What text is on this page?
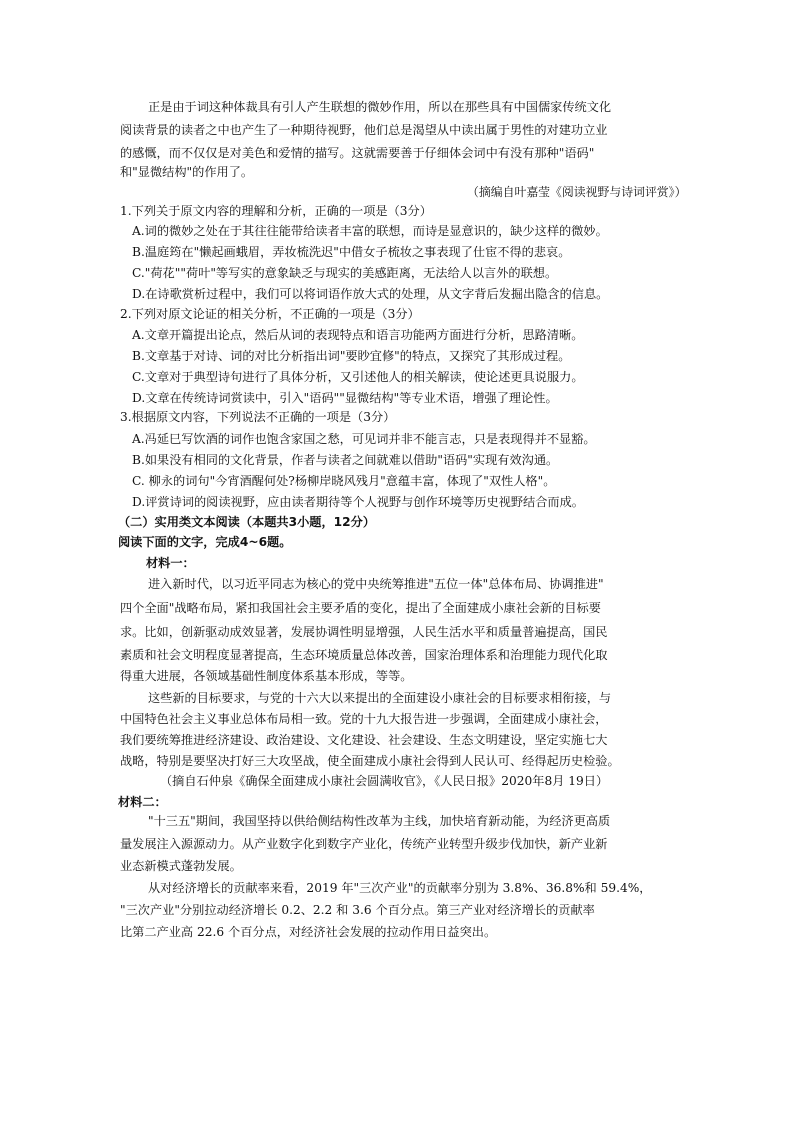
正是由于词这种体裁具有引人产生联想的微妙作用，所以在那些具有中国儒家传统文化
阅读背景的读者之中也产生了一种期待视野，他们总是渴望从中读出属于男性的对建功立业
的感慨，而不仅仅是对美色和爱情的描写。这就需要善于仔细体会词中有没有那种"语码"
和"显微结构"的作用了。
（摘编自叶嘉莹《阅读视野与诗词评赏》）
1.下列关于原文内容的理解和分析，正确的一项是（3分）
A.词的微妙之处在于其往往能带给读者丰富的联想，而诗是显意识的，缺少这样的微妙。
B.温庭筠在"懒起画蛾眉，弄妆梳洗迟"中借女子梳妆之事表现了仕宦不得的悲哀。
C."荷花""荷叶"等写实的意象缺乏与现实的美感距离，无法给人以言外的联想。
D.在诗歌赏析过程中，我们可以将词语作放大式的处理，从文字背后发掘出隐含的信息。
2.下列对原文论证的相关分析，不正确的一项是（3分）
A.文章开篇提出论点，然后从词的表现特点和语言功能两方面进行分析，思路清晰。
B.文章基于对诗、词的对比分析指出词"要眇宜修"的特点，又探究了其形成过程。
C.文章对于典型诗句进行了具体分析，又引述他人的相关解读，使论述更具说服力。
D.文章在传统诗词赏读中，引入"语码""显微结构"等专业术语，增强了理论性。
3.根据原文内容，下列说法不正确的一项是（3分）
A.冯延巳写饮酒的词作也饱含家国之愁，可见词并非不能言志，只是表现得并不显豁。
B.如果没有相同的文化背景，作者与读者之间就难以借助"语码"实现有效沟通。
C. 柳永的词句"今宵酒醒何处?杨柳岸晓风残月"意蕴丰富，体现了"双性人格"。
D.评赏诗词的阅读视野，应由读者期待等个人视野与创作环境等历史视野结合而成。
（二）实用类文本阅读（本题共3小题，12分）
阅读下面的文字，完成4~6题。
材料一：
进入新时代，以习近平同志为核心的党中央统筹推进"五位一体"总体布局、协调推进"
四个全面"战略布局，紧扣我国社会主要矛盾的变化，提出了全面建成小康社会新的目标要
求。比如，创新驱动成效显著，发展协调性明显增强，人民生活水平和质量普遍提高，国民
素质和社会文明程度显著提高，生态环境质量总体改善，国家治理体系和治理能力现代化取
得重大进展，各领域基础性制度体系基本形成，等等。
这些新的目标要求，与党的十六大以来提出的全面建设小康社会的目标要求相衔接，与
中国特色社会主义事业总体布局相一致。党的十九大报告进一步强调，全面建成小康社会，
我们要统筹推进经济建设、政治建设、文化建设、社会建设、生态文明建设，坚定实施七大
战略，特别是要坚决打好三大攻坚战，使全面建成小康社会得到人民认可、经得起历史检验。
（摘自石仲泉《确保全面建成小康社会圆满收官》，《人民日报》2020年8月 19日）
材料二：
"十三五"期间，我国坚持以供给侧结构性改革为主线，加快培育新动能，为经济更高质
量发展注入源源动力。从产业数字化到数字产业化，传统产业转型升级步伐加快，新产业新
业态新模式蓬勃发展。
从对经济增长的贡献率来看，2019 年"三次产业"的贡献率分别为 3.8%、36.8%和 59.4%，
"三次产业"分别拉动经济增长 0.2、2.2 和 3.6 个百分点。第三产业对经济增长的贡献率
比第二产业高 22.6 个百分点，对经济社会发展的拉动作用日益突出。
